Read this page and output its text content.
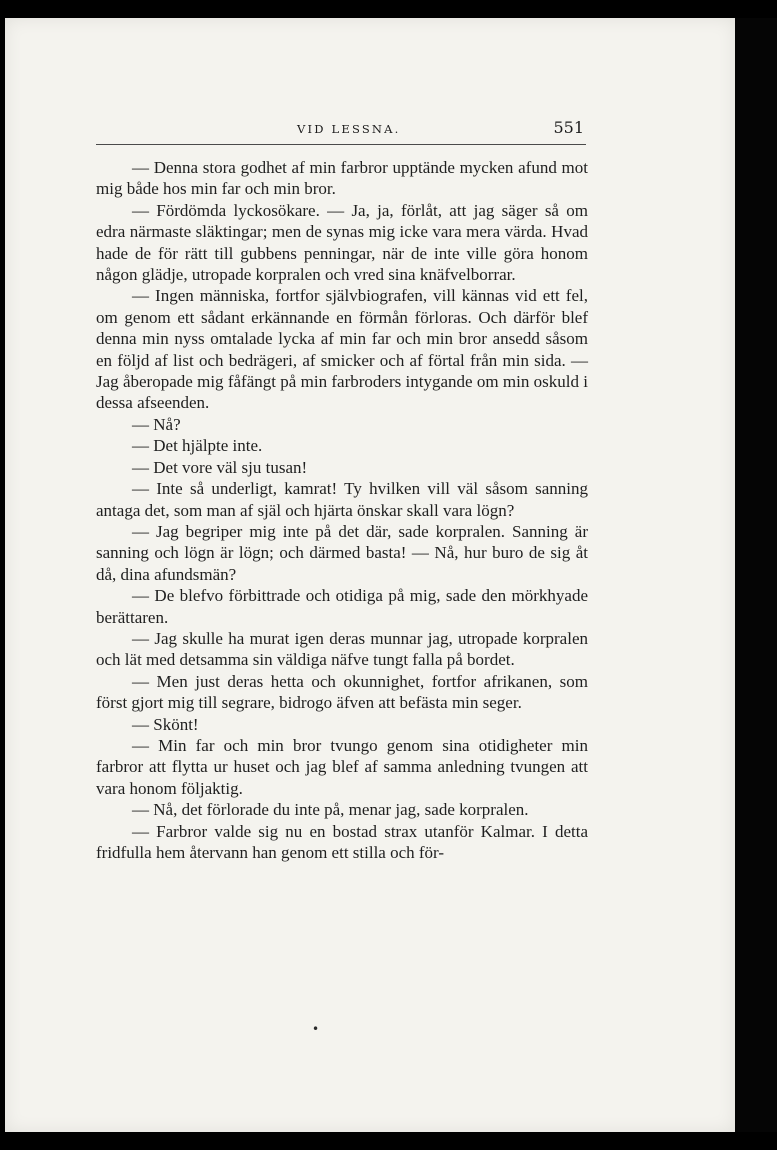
VID LESSNA.	551

— Denna stora godhet af min farbror upptände mycken afund mot mig både hos min far och min bror.

— Fördömda lyckosökare. — Ja, ja, förlåt, att jag säger så om edra närmaste släktingar; men de synas mig icke vara mera värda. Hvad hade de för rätt till gubbens penningar, när de inte ville göra honom någon glädje, utropade korpralen och vred sina knäfvelborrar.

— Ingen människa, fortfor självbiografen, vill kännas vid ett fel, om genom ett sådant erkännande en förmån förloras. Och därför blef denna min nyss omtalade lycka af min far och min bror ansedd såsom en följd af list och bedrägeri, af smicker och af förtal från min sida. — Jag åberopade mig fåfängt på min farbroders intygande om min oskuld i dessa afseenden.

— Nå?

— Det hjälpte inte.

— Det vore väl sju tusan!

— Inte så underligt, kamrat! Ty hvilken vill väl såsom sanning antaga det, som man af själ och hjärta önskar skall vara lögn?

— Jag begriper mig inte på det där, sade korpralen. Sanning är sanning och lögn är lögn; och därmed basta! — Nå, hur buro de sig åt då, dina afundsmän?

— De blefvo förbittrade och otidiga på mig, sade den mörkhyade berättaren.

— Jag skulle ha murat igen deras munnar jag, utropade korpralen och lät med detsamma sin väldiga näfve tungt falla på bordet.

— Men just deras hetta och okunnighet, fortfor afrikanen, som först gjort mig till segrare, bidrogo äfven att befästa min seger.

— Skönt!

— Min far och min bror tvungo genom sina otidigheter min farbror att flytta ur huset och jag blef af samma anledning tvungen att vara honom följaktig.

— Nå, det förlorade du inte på, menar jag, sade korpralen.

— Farbror valde sig nu en bostad strax utanför Kalmar. I detta fridfulla hem återvann han genom ett stilla och för-

•
